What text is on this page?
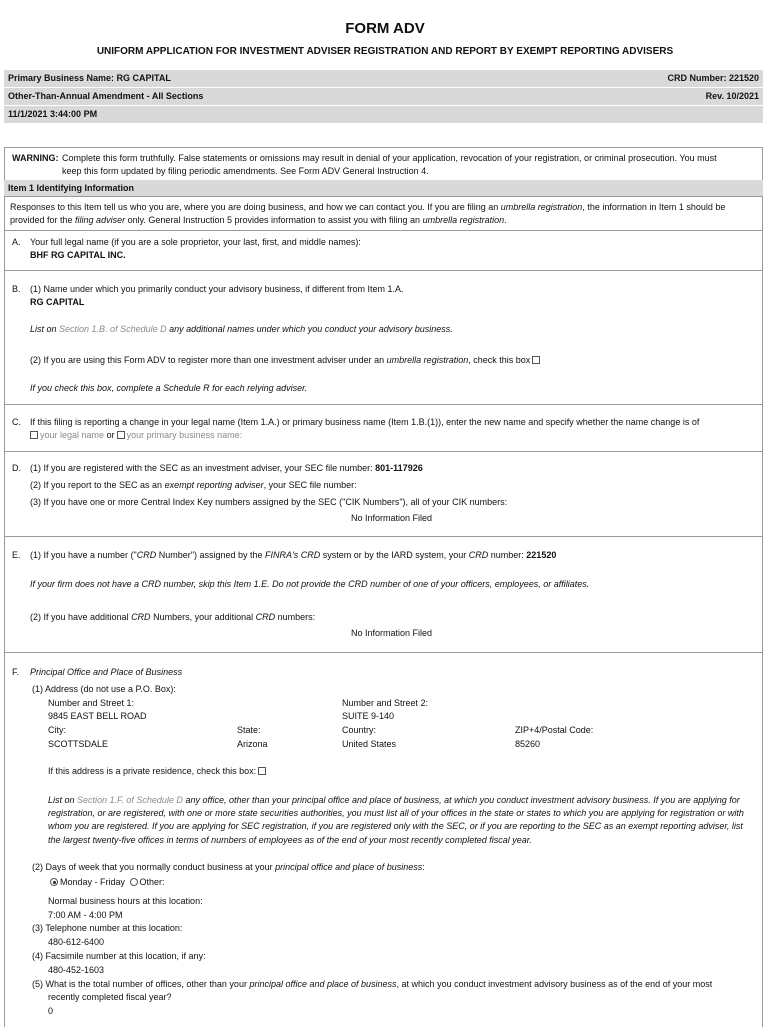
FORM ADV
UNIFORM APPLICATION FOR INVESTMENT ADVISER REGISTRATION AND REPORT BY EXEMPT REPORTING ADVISERS
Primary Business Name: RG CAPITAL	CRD Number: 221520
Other-Than-Annual Amendment - All Sections	Rev. 10/2021
11/1/2021 3:44:00 PM
WARNING: Complete this form truthfully. False statements or omissions may result in denial of your application, revocation of your registration, or criminal prosecution. You must
keep this form updated by filing periodic amendments. See Form ADV General Instruction 4.
Item 1 Identifying Information
Responses to this Item tell us who you are, where you are doing business, and how we can contact you. If you are filing an umbrella registration, the information in Item 1 should be
provided for the filing adviser only. General Instruction 5 provides information to assist you with filing an umbrella registration.
A. Your full legal name (if you are a sole proprietor, your last, first, and middle names):
BHF RG CAPITAL INC.
B. (1) Name under which you primarily conduct your advisory business, if different from Item 1.A.
RG CAPITAL
List on Section 1.B. of Schedule D any additional names under which you conduct your advisory business.
(2) If you are using this Form ADV to register more than one investment adviser under an umbrella registration, check this box
If you check this box, complete a Schedule R for each relying adviser.
C. If this filing is reporting a change in your legal name (Item 1.A.) or primary business name (Item 1.B.(1)), enter the new name and specify whether the name change is of
your legal name or your primary business name:
D. (1) If you are registered with the SEC as an investment adviser, your SEC file number: 801-117926
(2) If you report to the SEC as an exempt reporting adviser, your SEC file number:
(3) If you have one or more Central Index Key numbers assigned by the SEC ("CIK Numbers"), all of your CIK numbers:
No Information Filed
E. (1) If you have a number ("CRD Number") assigned by the FINRA's CRD system or by the IARD system, your CRD number: 221520
If your firm does not have a CRD number, skip this Item 1.E. Do not provide the CRD number of one of your officers, employees, or affiliates.
(2) If you have additional CRD Numbers, your additional CRD numbers:
No Information Filed
F. Principal Office and Place of Business
(1) Address (do not use a P.O. Box):
Number and Street 1:
9845 EAST BELL ROAD
Number and Street 2:
SUITE 9-140
City:
SCOTTSDALE
State:
Arizona
Country:
United States
ZIP+4/Postal Code:
85260
If this address is a private residence, check this box:
List on Section 1.F. of Schedule D any office, other than your principal office and place of business, at which you conduct investment advisory business. If you are applying for
registration, or are registered, with one or more state securities authorities, you must list all of your offices in the state or states to which you are applying for registration or with
whom you are registered. If you are applying for SEC registration, if you are registered only with the SEC, or if you are reporting to the SEC as an exempt reporting adviser, list
the largest twenty-five offices in terms of numbers of employees as of the end of your most recently completed fiscal year.
(2) Days of week that you normally conduct business at your principal office and place of business:
Monday - Friday Other:
Normal business hours at this location:
7:00 AM - 4:00 PM
(3) Telephone number at this location:
480-612-6400
(4) Facsimile number at this location, if any:
480-452-1603
(5) What is the total number of offices, other than your principal office and place of business, at which you conduct investment advisory business as of the end of your most
recently completed fiscal year?
0
